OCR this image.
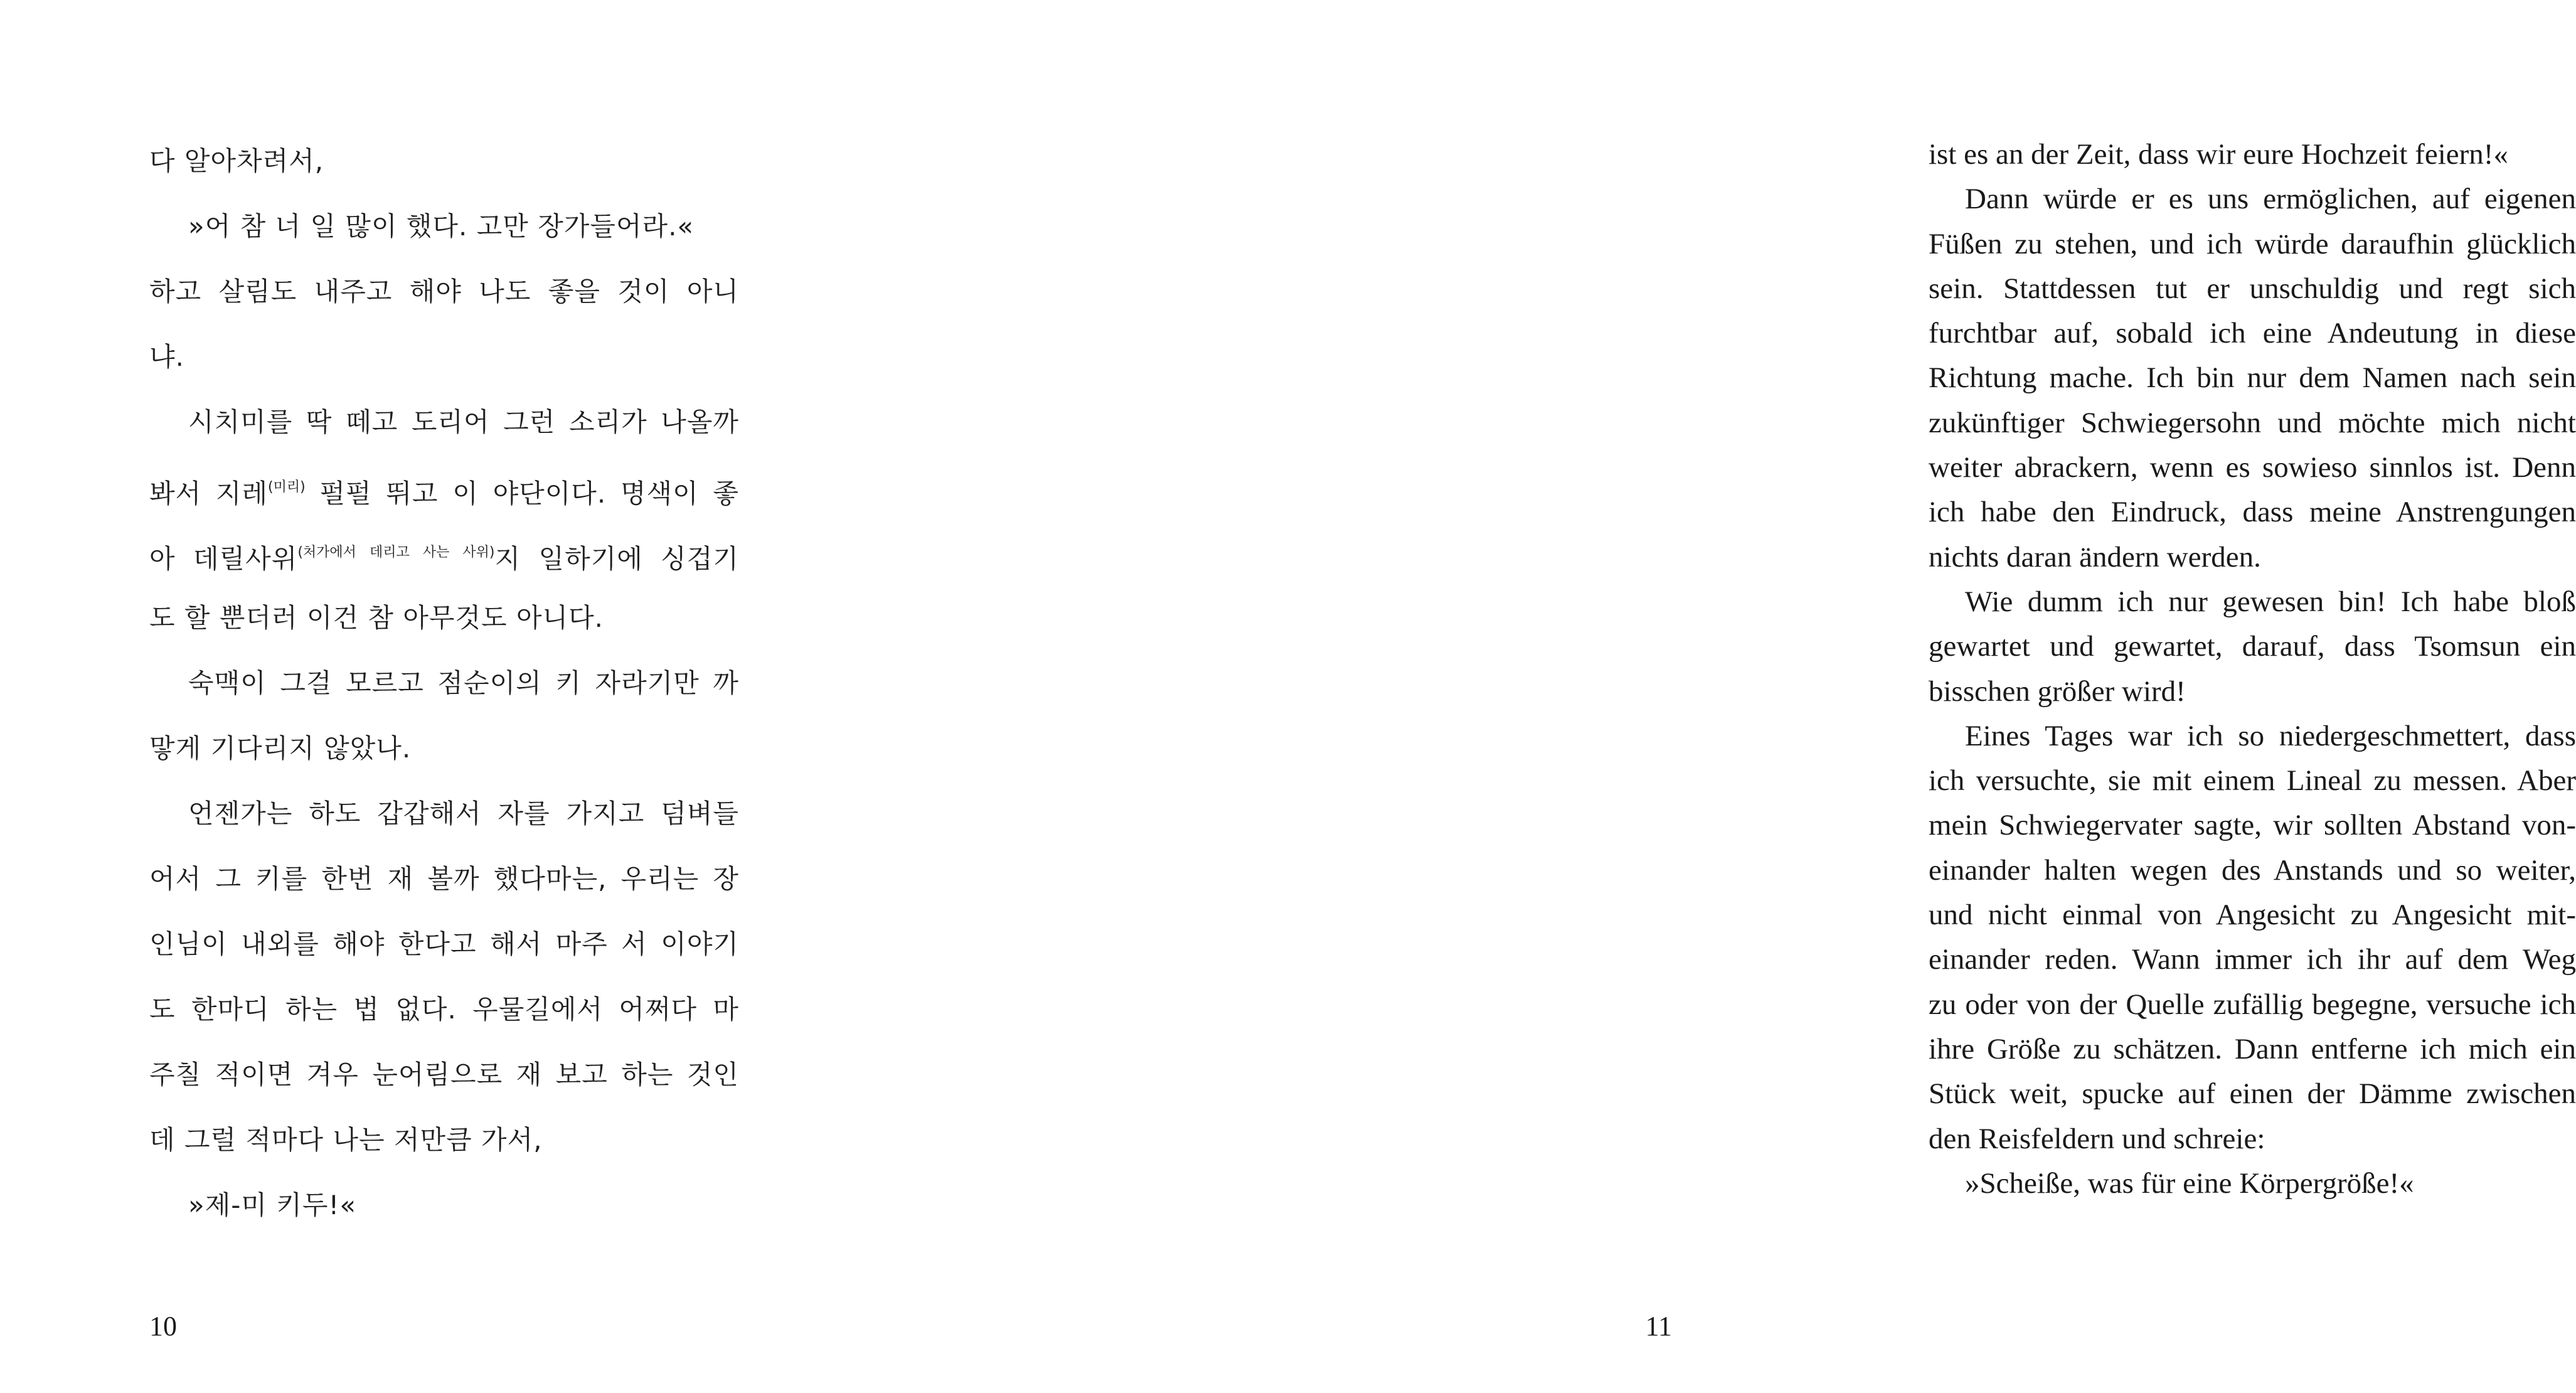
다 알아차려서,
»어 참 너 일 많이 했다. 고만 장가들어라.«
하고 살림도 내주고 해야 나도 좋을 것이 아니
냐.
시치미를 딱 떼고 도리어 그런 소리가 나올까
봐서 지레$^{(미리)}$ 펄펄 뛰고 이 야단이다. 명색이 좋
아 데릴사위$^{(처가에서 데리고 사는 사위)}$지 일하기에 싱겁기
도 할 뿐더러 이건 참 아무것도 아니다.
숙맥이 그걸 모르고 점순이의 키 자라기만 까
맣게 기다리지 않았나.
언젠가는 하도 갑갑해서 자를 가지고 덤벼들
어서 그 키를 한번 재 볼까 했다마는, 우리는 장
인님이 내외를 해야 한다고 해서 마주 서 이야기
도 한마디 하는 법 없다. 우물길에서 어쩌다 마
주칠 적이면 겨우 눈어림으로 재 보고 하는 것인
데 그럴 적마다 나는 저만큼 가서,
»제-미 키두!«
10
ist es an der Zeit, dass wir eure Hochzeit feiern!«
Dann würde er es uns ermöglichen, auf eigenen
Füßen zu stehen, und ich würde daraufhin glücklich
sein. Stattdessen tut er unschuldig und regt sich
furchtbar auf, sobald ich eine Andeutung in diese
Richtung mache. Ich bin nur dem Namen nach sein
zukünftiger Schwiegersohn und möchte mich nicht
weiter abrackern, wenn es sowieso sinnlos ist. Denn
ich habe den Eindruck, dass meine Anstrengungen
nichts daran ändern werden.
Wie dumm ich nur gewesen bin! Ich habe bloß
gewartet und gewartet, darauf, dass Tsomsun ein
bisschen größer wird!
Eines Tages war ich so niedergeschmettert, dass
ich versuchte, sie mit einem Lineal zu messen. Aber
mein Schwiegervater sagte, wir sollten Abstand von-
einander halten wegen des Anstands und so weiter,
und nicht einmal von Angesicht zu Angesicht mit-
einander reden. Wann immer ich ihr auf dem Weg
zu oder von der Quelle zufällig begegne, versuche ich
ihre Größe zu schätzen. Dann entferne ich mich ein
Stück weit, spucke auf einen der Dämme zwischen
den Reisfeldern und schreie:
»Scheiße, was für eine Körpergröße!«
11
